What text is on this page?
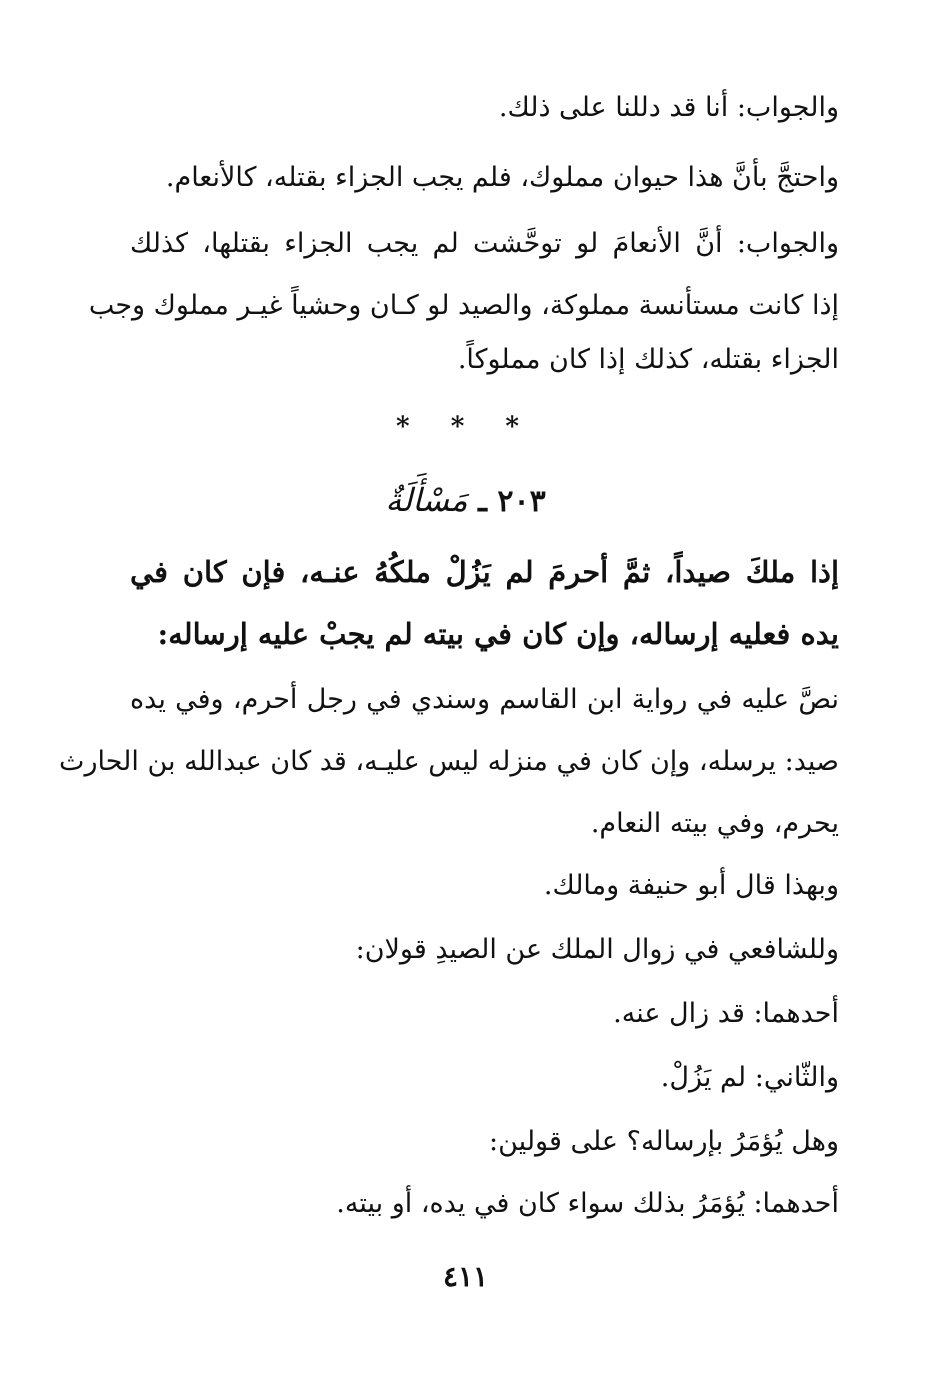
والجواب: أنا قد دللنا على ذلك.
واحتجَّ بأنَّ هذا حيوان مملوك، فلم يجب الجزاء بقتله، كالأنعام.
والجواب: أنَّ الأنعامَ لو توحَّشت لم يجب الجزاء بقتلها، كذلك
إذا كانت مستأنسة مملوكة، والصيد لو كـان وحشياً غيـر مملوك وجب
الجزاء بقتله، كذلك إذا كان مملوكاً.
* * *
٢٠٣ ـ مَسْأَلَةٌ
إذا ملكَ صيداً، ثمَّ أحرمَ لم يَزُلْ ملكُهُ عنـه، فإن كان في
يده فعليه إرساله، وإن كان في بيته لم يجبْ عليه إرساله:
نصَّ عليه في رواية ابن القاسم وسندي في رجل أحرم، وفي يده
صيد: يرسله، وإن كان في منزله ليس عليـه، قد كان عبدالله بن الحارث
يحرم، وفي بيته النعام.
وبهذا قال أبو حنيفة ومالك.
وللشافعي في زوال الملك عن الصيدِ قولان:
أحدهما: قد زال عنه.
والثّاني: لم يَزُلْ.
وهل يُؤمَرُ بإرساله؟ على قولين:
أحدهما: يُؤمَرُ بذلك سواء كان في يده، أو بيته.
٤١١
